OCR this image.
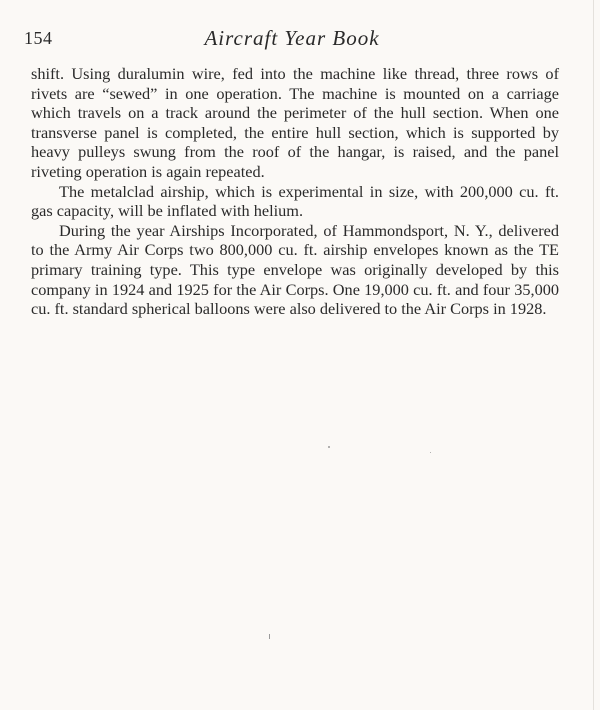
154	Aircraft Year Book

shift. Using duralumin wire, fed into the machine like thread, three rows of rivets are “sewed” in one operation. The machine is mounted on a carriage which travels on a track around the perimeter of the hull section. When one transverse panel is completed, the entire hull section, which is supported by heavy pulleys swung from the roof of the hangar, is raised, and the panel riveting operation is again repeated.

The metalclad airship, which is experimental in size, with 200,000 cu. ft. gas capacity, will be inflated with helium.

During the year Airships Incorporated, of Hammondsport, N. Y., delivered to the Army Air Corps two 800,000 cu. ft. airship envelopes known as the TE primary training type. This type envelope was originally developed by this company in 1924 and 1925 for the Air Corps. One 19,000 cu. ft. and four 35,000 cu. ft. standard spherical balloons were also delivered to the Air Corps in 1928.
